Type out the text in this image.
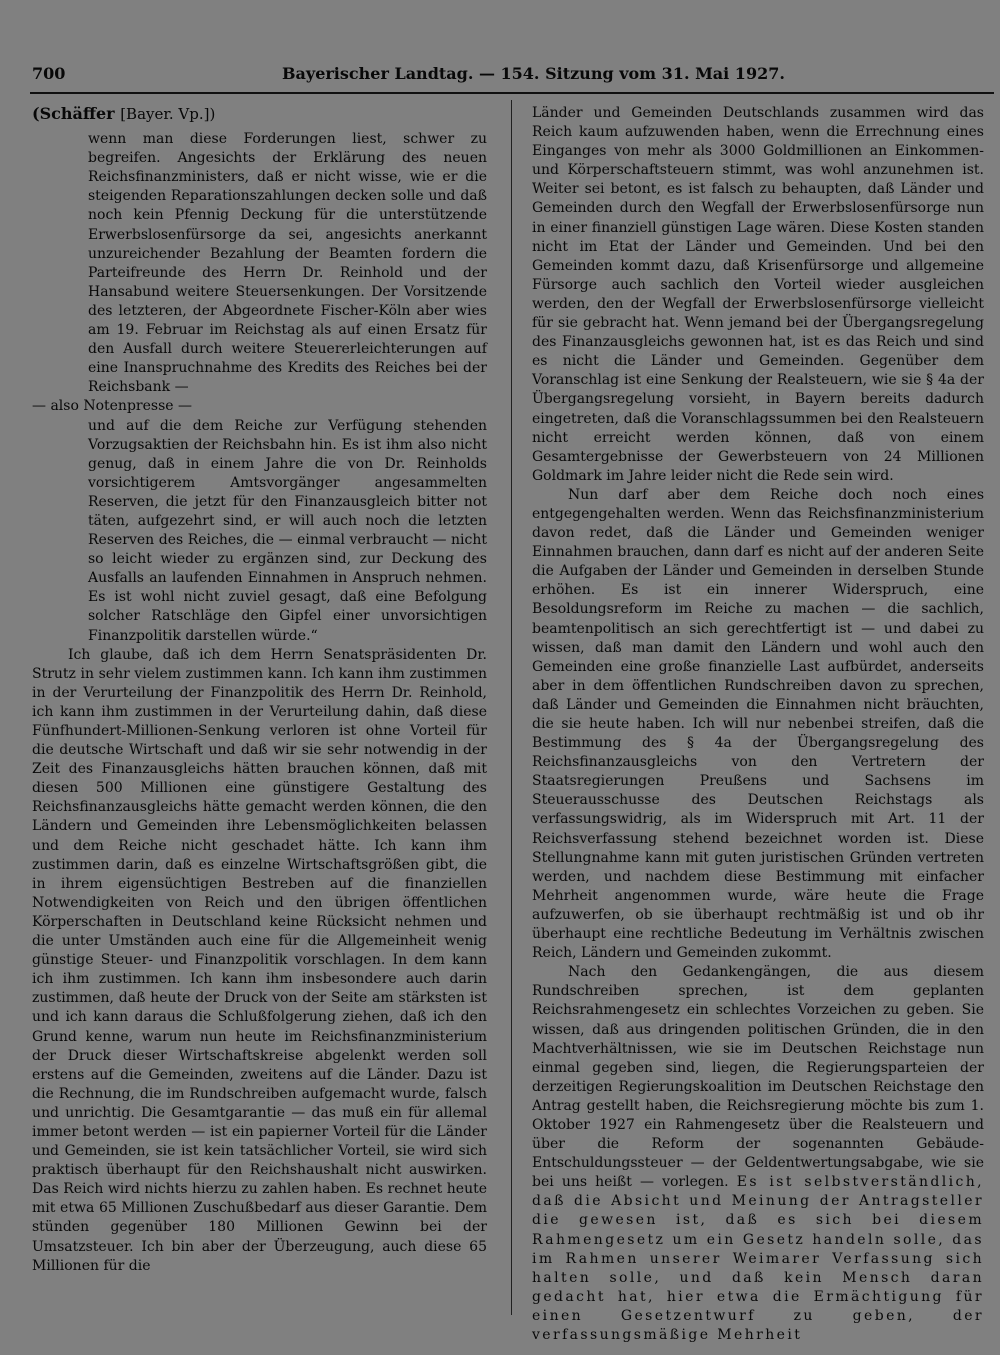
700	Bayerischer Landtag. — 154. Sitzung vom 31. Mai 1927.

(Schäffer [Bayer. Vp.])

wenn man diese Forderungen liest, schwer zu begreifen. Angesichts der Erklärung des neuen Reichsfinanzministers, daß er nicht wisse, wie er die steigenden Reparationszahlungen decken solle und daß noch kein Pfennig Deckung für die unterstützende Erwerbslosenfürsorge da sei, angesichts anerkannt unzureichender Bezahlung der Beamten fordern die Parteifreunde des Herrn Dr. Reinhold und der Hansabund weitere Steuersenkungen. Der Vorsitzende des letzteren, der Abgeordnete Fischer-Köln aber wies am 19. Februar im Reichstag als auf einen Ersatz für den Ausfall durch weitere Steuererleichterungen auf eine Inanspruchnahme des Kredits des Reiches bei der Reichsbank —

— also Notenpresse —

und auf die dem Reiche zur Verfügung stehenden Vorzugsaktien der Reichsbahn hin. Es ist ihm also nicht genug, daß in einem Jahre die von Dr. Reinholds vorsichtigerem Amtsvorgänger angesammelten Reserven, die jetzt für den Finanzausgleich bitter not täten, aufgezehrt sind, er will auch noch die letzten Reserven des Reiches, die — einmal verbraucht — nicht so leicht wieder zu ergänzen sind, zur Deckung des Ausfalls an laufenden Einnahmen in Anspruch nehmen. Es ist wohl nicht zuviel gesagt, daß eine Befolgung solcher Ratschläge den Gipfel einer unvorsichtigen Finanzpolitik darstellen würde.“

Ich glaube, daß ich dem Herrn Senatspräsidenten Dr. Strutz in sehr vielem zustimmen kann. Ich kann ihm zustimmen in der Verurteilung der Finanzpolitik des Herrn Dr. Reinhold, ich kann ihm zustimmen in der Verurteilung dahin, daß diese Fünfhundert-Millionen-Senkung verloren ist ohne Vorteil für die deutsche Wirtschaft und daß wir sie sehr notwendig in der Zeit des Finanzausgleichs hätten brauchen können, daß mit diesen 500 Millionen eine günstigere Gestaltung des Reichsfinanzausgleichs hätte gemacht werden können, die den Ländern und Gemeinden ihre Lebensmöglichkeiten belassen und dem Reiche nicht geschadet hätte. Ich kann ihm zustimmen darin, daß es einzelne Wirtschaftsgrößen gibt, die in ihrem eigensüchtigen Bestreben auf die finanziellen Notwendigkeiten von Reich und den übrigen öffentlichen Körperschaften in Deutschland keine Rücksicht nehmen und die unter Umständen auch eine für die Allgemeinheit wenig günstige Steuer- und Finanzpolitik vorschlagen. In dem kann ich ihm zustimmen. Ich kann ihm insbesondere auch darin zustimmen, daß heute der Druck von der Seite am stärksten ist und ich kann daraus die Schlußfolgerung ziehen, daß ich den Grund kenne, warum nun heute im Reichsfinanzministerium der Druck dieser Wirtschaftskreise abgelenkt werden soll erstens auf die Gemeinden, zweitens auf die Länder. Dazu ist die Rechnung, die im Rundschreiben aufgemacht wurde, falsch und unrichtig. Die Gesamtgarantie — das muß ein für allemal immer betont werden — ist ein papierner Vorteil für die Länder und Gemeinden, sie ist kein tatsächlicher Vorteil, sie wird sich praktisch überhaupt für den Reichshaushalt nicht auswirken. Das Reich wird nichts hierzu zu zahlen haben. Es rechnet heute mit etwa 65 Millionen Zuschußbedarf aus dieser Garantie. Dem stünden gegenüber 180 Millionen Gewinn bei der Umsatzsteuer. Ich bin aber der Überzeugung, auch diese 65 Millionen für die

Länder und Gemeinden Deutschlands zusammen wird das Reich kaum aufzuwenden haben, wenn die Errechnung eines Einganges von mehr als 3000 Goldmillionen an Einkommen- und Körperschaftsteuern stimmt, was wohl anzunehmen ist. Weiter sei betont, es ist falsch zu behaupten, daß Länder und Gemeinden durch den Wegfall der Erwerbslosenfürsorge nun in einer finanziell günstigen Lage wären. Diese Kosten standen nicht im Etat der Länder und Gemeinden. Und bei den Gemeinden kommt dazu, daß Krisenfürsorge und allgemeine Fürsorge auch sachlich den Vorteil wieder ausgleichen werden, den der Wegfall der Erwerbslosenfürsorge vielleicht für sie gebracht hat. Wenn jemand bei der Übergangsregelung des Finanzausgleichs gewonnen hat, ist es das Reich und sind es nicht die Länder und Gemeinden. Gegenüber dem Voranschlag ist eine Senkung der Realsteuern, wie sie § 4a der Übergangsregelung vorsieht, in Bayern bereits dadurch eingetreten, daß die Voranschlagssummen bei den Realsteuern nicht erreicht werden können, daß von einem Gesamtergebnisse der Gewerbsteuern von 24 Millionen Goldmark im Jahre leider nicht die Rede sein wird.

Nun darf aber dem Reiche doch noch eines entgegengehalten werden. Wenn das Reichsfinanzministerium davon redet, daß die Länder und Gemeinden weniger Einnahmen brauchen, dann darf es nicht auf der anderen Seite die Aufgaben der Länder und Gemeinden in derselben Stunde erhöhen. Es ist ein innerer Widerspruch, eine Besoldungsreform im Reiche zu machen — die sachlich, beamtenpolitisch an sich gerechtfertigt ist — und dabei zu wissen, daß man damit den Ländern und wohl auch den Gemeinden eine große finanzielle Last aufbürdet, anderseits aber in dem öffentlichen Rundschreiben davon zu sprechen, daß Länder und Gemeinden die Einnahmen nicht bräuchten, die sie heute haben. Ich will nur nebenbei streifen, daß die Bestimmung des § 4a der Übergangsregelung des Reichsfinanzausgleichs von den Vertretern der Staatsregierungen Preußens und Sachsens im Steuerausschusse des Deutschen Reichstags als verfassungswidrig, als im Widerspruch mit Art. 11 der Reichsverfassung stehend bezeichnet worden ist. Diese Stellungnahme kann mit guten juristischen Gründen vertreten werden, und nachdem diese Bestimmung mit einfacher Mehrheit angenommen wurde, wäre heute die Frage aufzuwerfen, ob sie überhaupt rechtmäßig ist und ob ihr überhaupt eine rechtliche Bedeutung im Verhältnis zwischen Reich, Ländern und Gemeinden zukommt.

Nach den Gedankengängen, die aus diesem Rundschreiben sprechen, ist dem geplanten Reichsrahmengesetz ein schlechtes Vorzeichen zu geben. Sie wissen, daß aus dringenden politischen Gründen, die in den Machtverhältnissen, wie sie im Deutschen Reichstage nun einmal gegeben sind, liegen, die Regierungsparteien der derzeitigen Regierungskoalition im Deutschen Reichstage den Antrag gestellt haben, die Reichsregierung möchte bis zum 1. Oktober 1927 ein Rahmengesetz über die Realsteuern und über die Reform der sogenannten Gebäude-Entschuldungssteuer — der Geldentwertungsabgabe, wie sie bei uns heißt — vorlegen. Es ist selbstverständlich, daß die Absicht und Meinung der Antragsteller die gewesen ist, daß es sich bei diesem Rahmengesetz um ein Gesetz handeln solle, das im Rahmen unserer Weimarer Verfassung sich halten solle, und daß kein Mensch daran gedacht hat, hier etwa die Ermächtigung für einen Gesetzentwurf zu geben, der verfassungsmäßige Mehrheit
